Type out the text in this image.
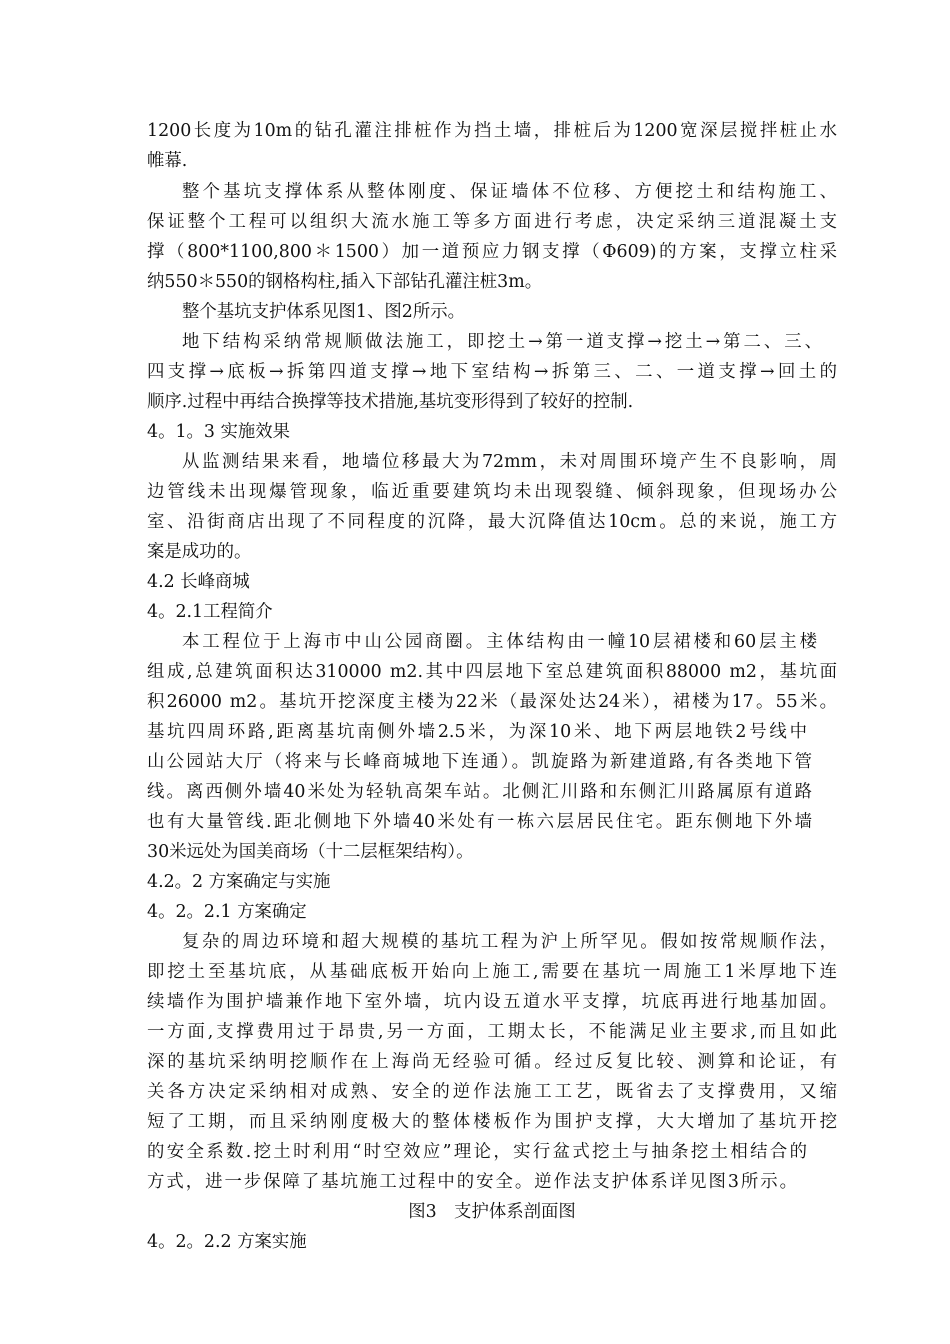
1200长度为10m的钻孔灌注排桩作为挡土墙，排桩后为1200宽深层搅拌桩止水
帷幕.
整个基坑支撑体系从整体刚度、保证墙体不位移、方便挖土和结构施工、
保证整个工程可以组织大流水施工等多方面进行考虑，决定采纳三道混凝土支
撑（800*1100,800＊1500）加一道预应力钢支撑（Φ609)的方案，支撑立柱采
纳550＊550的钢格构柱,插入下部钻孔灌注桩3m。
整个基坑支护体系见图1、图2所示。
地下结构采纳常规顺做法施工，即挖土→第一道支撑→挖土→第二、三、
四支撑→底板→拆第四道支撑→地下室结构→拆第三、二、一道支撑→回土的
顺序.过程中再结合换撑等技术措施,基坑变形得到了较好的控制.
4。1。3 实施效果
从监测结果来看，地墙位移最大为72mm，未对周围环境产生不良影响，周
边管线未出现爆管现象，临近重要建筑均未出现裂缝、倾斜现象，但现场办公
室、沿街商店出现了不同程度的沉降，最大沉降值达10cm。总的来说，施工方
案是成功的。
4.2 长峰商城
4。2.1工程简介
本工程位于上海市中山公园商圈。主体结构由一幢10层裙楼和60层主楼
组成,总建筑面积达310000 m2.其中四层地下室总建筑面积88000 m2，基坑面
积26000 m2。基坑开挖深度主楼为22米（最深处达24米），裙楼为17。55米。
基坑四周环路,距离基坑南侧外墙2.5米，为深10米、地下两层地铁2号线中
山公园站大厅（将来与长峰商城地下连通）。凯旋路为新建道路,有各类地下管
线。离西侧外墙40米处为轻轨高架车站。北侧汇川路和东侧汇川路属原有道路
也有大量管线.距北侧地下外墙40米处有一栋六层居民住宅。距东侧地下外墙
30米远处为国美商场（十二层框架结构）。
4.2。2 方案确定与实施
4。2。2.1 方案确定
复杂的周边环境和超大规模的基坑工程为沪上所罕见。假如按常规顺作法，
即挖土至基坑底，从基础底板开始向上施工,需要在基坑一周施工1米厚地下连
续墙作为围护墙兼作地下室外墙，坑内设五道水平支撑，坑底再进行地基加固。
一方面,支撑费用过于昂贵,另一方面，工期太长，不能满足业主要求,而且如此
深的基坑采纳明挖顺作在上海尚无经验可循。经过反复比较、测算和论证，有
关各方决定采纳相对成熟、安全的逆作法施工工艺，既省去了支撑费用，又缩
短了工期，而且采纳刚度极大的整体楼板作为围护支撑，大大增加了基坑开挖
的安全系数.挖土时利用“时空效应”理论，实行盆式挖土与抽条挖土相结合的
方式，进一步保障了基坑施工过程中的安全。逆作法支护体系详见图3所示。
图3　支护体系剖面图
4。2。2.2 方案实施
